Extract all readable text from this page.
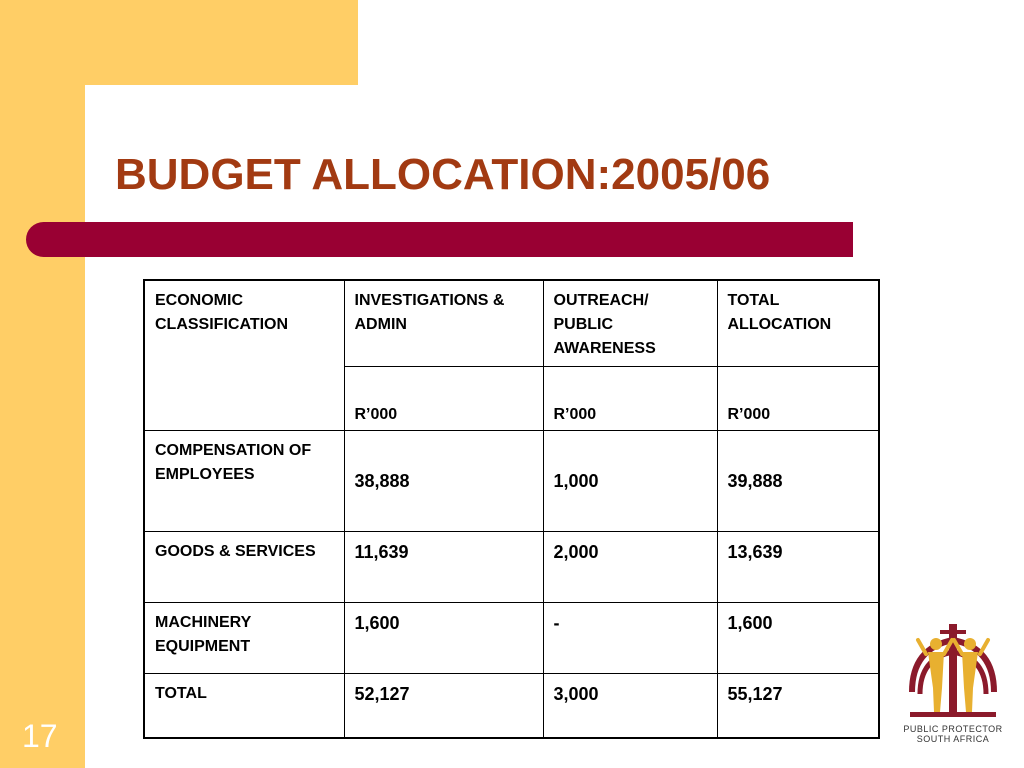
BUDGET ALLOCATION:2005/06
ECONOMIC CLASSIFICATION	INVESTIGATIONS & ADMIN	OUTREACH/ PUBLIC AWARENESS	TOTAL ALLOCATION
	R’000	R’000	R’000
COMPENSATION OF EMPLOYEES	38,888	1,000	39,888
GOODS & SERVICES	11,639	2,000	13,639
MACHINERY EQUIPMENT	1,600	-	1,600
TOTAL	52,127	3,000	55,127
PUBLIC PROTECTOR
SOUTH AFRICA
17
